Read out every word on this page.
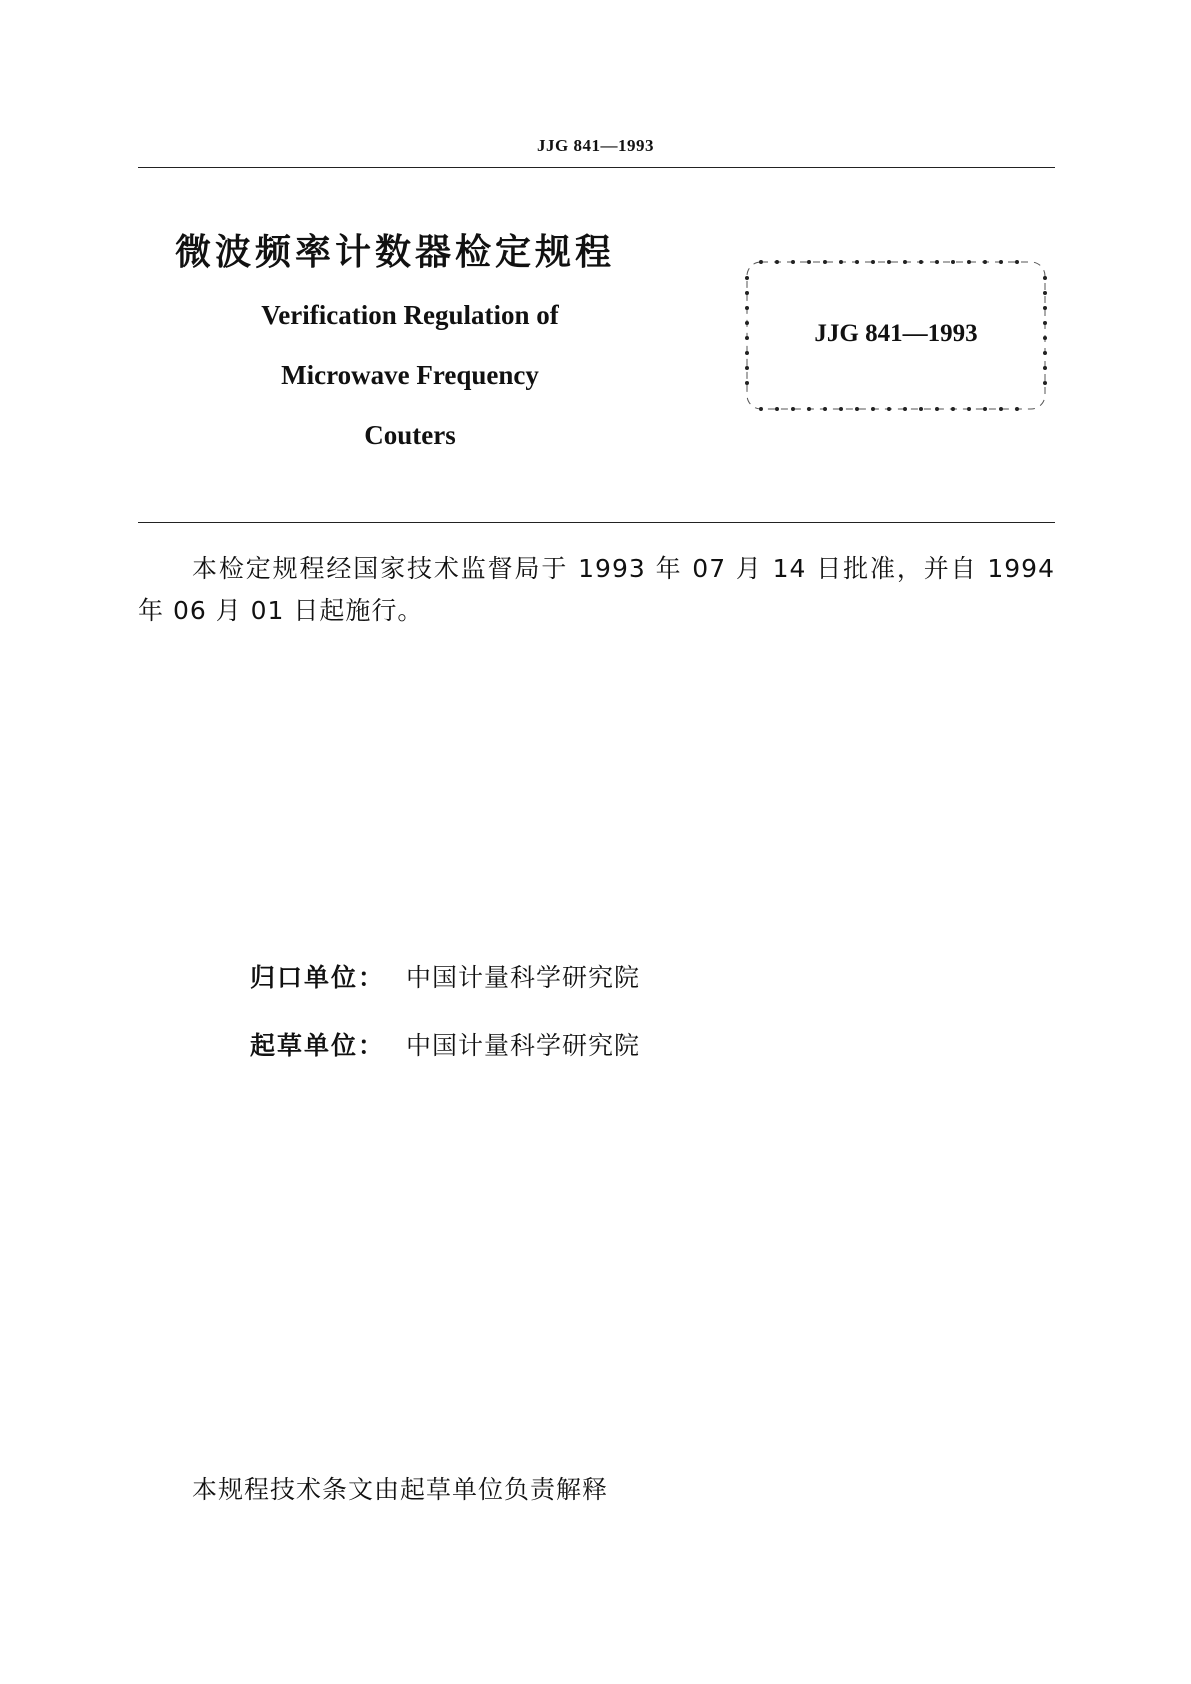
JJG 841—1993
微波频率计数器检定规程
Verification Regulation of
Microwave Frequency
Couters
JJG 841—1993
本检定规程经国家技术监督局于 1993 年 07 月 14 日批准，并自 1994 年 06 月 01 日起施行。
归口单位： 中国计量科学研究院
起草单位： 中国计量科学研究院
本规程技术条文由起草单位负责解释
